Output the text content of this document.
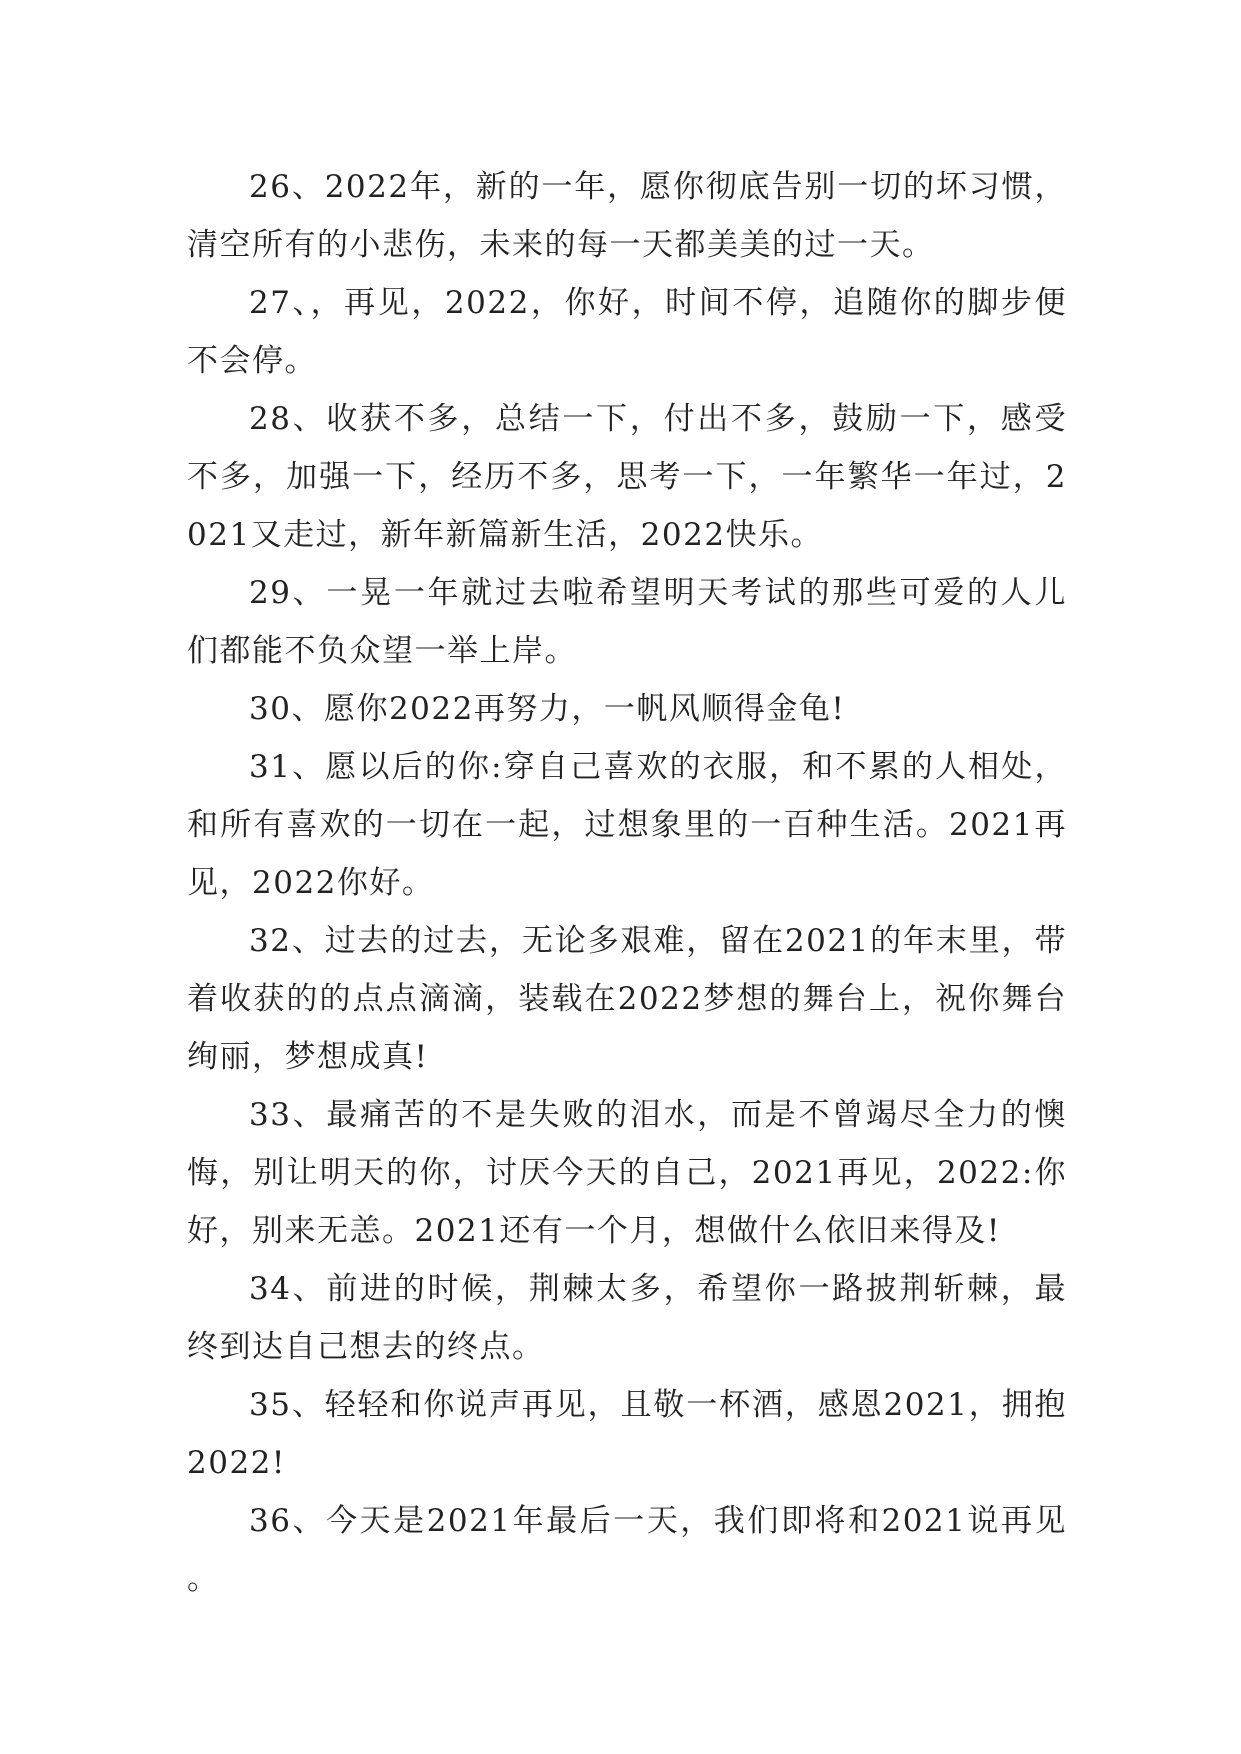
26、2022年，新的一年，愿你彻底告别一切的坏习惯，清空所有的小悲伤，未来的每一天都美美的过一天。

27、，再见，2022，你好，时间不停，追随你的脚步便不会停。

28、收获不多，总结一下，付出不多，鼓励一下，感受不多，加强一下，经历不多，思考一下，一年繁华一年过，2021又走过，新年新篇新生活，2022快乐。

29、一晃一年就过去啦希望明天考试的那些可爱的人儿们都能不负众望一举上岸。

30、愿你2022再努力，一帆风顺得金龟!

31、愿以后的你:穿自己喜欢的衣服，和不累的人相处，和所有喜欢的一切在一起，过想象里的一百种生活。2021再见，2022你好。

32、过去的过去，无论多艰难，留在2021的年末里，带着收获的的点点滴滴，装载在2022梦想的舞台上，祝你舞台绚丽，梦想成真!

33、最痛苦的不是失败的泪水，而是不曾竭尽全力的懊悔，别让明天的你，讨厌今天的自己，2021再见，2022:你好，别来无恙。2021还有一个月，想做什么依旧来得及!

34、前进的时候，荆棘太多，希望你一路披荆斩棘，最终到达自己想去的终点。

35、轻轻和你说声再见，且敬一杯酒，感恩2021，拥抱2022!

36、今天是2021年最后一天，我们即将和2021说再见。
